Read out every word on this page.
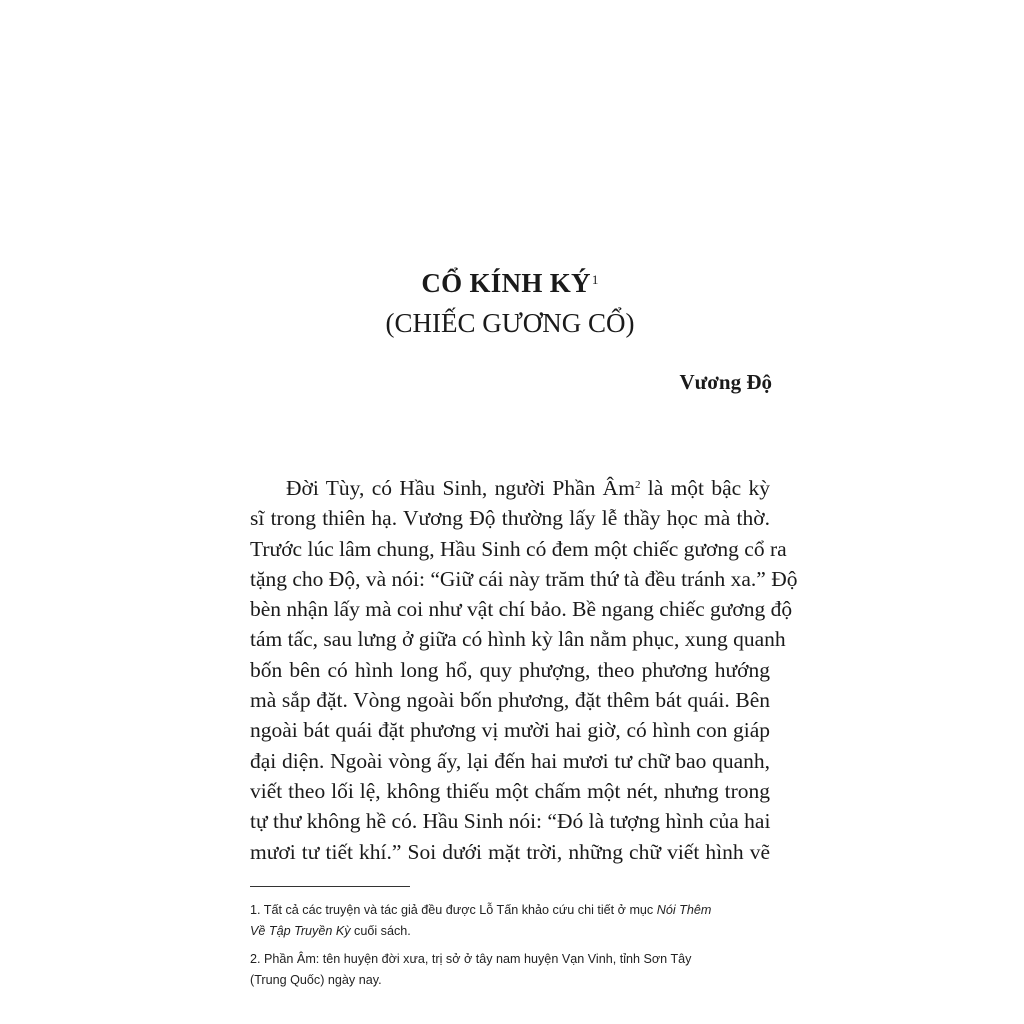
CỔ KÍNH $KÝ^1$
(CHIẾC GƯƠNG CỔ)
Vương Độ
Đời Tùy, có Hầu Sinh, người Phần $Âm^2$ là một bậc kỳ
sĩ trong thiên hạ. Vương Độ thường lấy lễ thầy học mà thờ.
Trước lúc lâm chung, Hầu Sinh có đem một chiếc gương cổ ra
tặng cho Độ, và nói: “Giữ cái này trăm thứ tà đều tránh xa.” Độ
bèn nhận lấy mà coi như vật chí bảo. Bề ngang chiếc gương độ
tám tấc, sau lưng ở giữa có hình kỳ lân nằm phục, xung quanh
bốn bên có hình long hổ, quy phượng, theo phương hướng
mà sắp đặt. Vòng ngoài bốn phương, đặt thêm bát quái. Bên
ngoài bát quái đặt phương vị mười hai giờ, có hình con giáp
đại diện. Ngoài vòng ấy, lại đến hai mươi tư chữ bao quanh,
viết theo lối lệ, không thiếu một chấm một nét, nhưng trong
tự thư không hề có. Hầu Sinh nói: “Đó là tượng hình của hai
mươi tư tiết khí.” Soi dưới mặt trời, những chữ viết hình vẽ
1. Tất cả các truyện và tác giả đều được Lỗ Tấn khảo cứu chi tiết ở mục Nói Thêm
Về Tập Truyền Kỳ cuối sách.
2. Phần Âm: tên huyện đời xưa, trị sở ở tây nam huyện Vạn Vinh, tỉnh Sơn Tây
(Trung Quốc) ngày nay.
